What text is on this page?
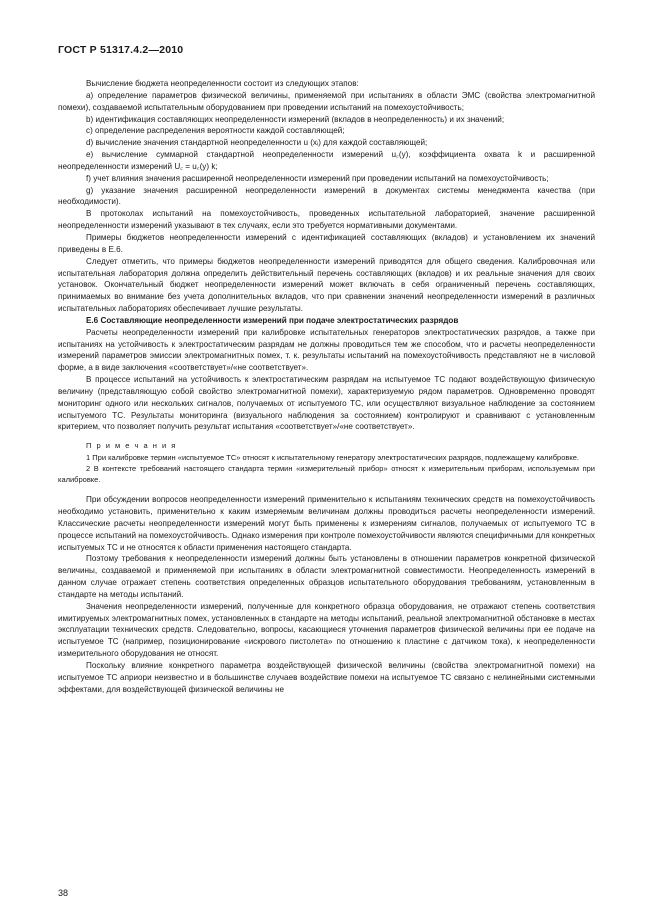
ГОСТ Р 51317.4.2—2010

Вычисление бюджета неопределенности состоит из следующих этапов:

а) определение параметров физической величины, применяемой при испытаниях в области ЭМС (свойства электромагнитной помехи), создаваемой испытательным оборудованием при проведении испытаний на помехоустойчивость;

b) идентификация составляющих неопределенности измерений (вкладов в неопределенность) и их значений;

c) определение распределения вероятности каждой составляющей;

d) вычисление значения стандартной неопределенности u (xᵢ) для каждой составляющей;

e) вычисление суммарной стандартной неопределенности измерений u꜀(y), коэффициента охвата k и расширенной неопределенности измерений U꜀ = u꜀(y) k;

f) учет влияния значения расширенной неопределенности измерений при проведении испытаний на помехоустойчивость;

g) указание значения расширенной неопределенности измерений в документах системы менеджмента качества (при необходимости).

В протоколах испытаний на помехоустойчивость, проведенных испытательной лабораторией, значение расширенной неопределенности измерений указывают в тех случаях, если это требуется нормативными документами.

Примеры бюджетов неопределенности измерений с идентификацией составляющих (вкладов) и установлением их значений приведены в Е.6.

Следует отметить, что примеры бюджетов неопределенности измерений приводятся для общего сведения. Калибровочная или испытательная лаборатория должна определить действительный перечень составляющих (вкладов) и их реальные значения для своих установок. Окончательный бюджет неопределенности измерений может включать в себя ограниченный перечень составляющих, принимаемых во внимание без учета дополнительных вкладов, что при сравнении значений неопределенности измерений в различных испытательных лабораториях обеспечивает лучшие результаты.

Е.6 Составляющие неопределенности измерений при подаче электростатических разрядов

Расчеты неопределенности измерений при калибровке испытательных генераторов электростатических разрядов, а также при испытаниях на устойчивость к электростатическим разрядам не должны проводиться тем же способом, что и расчеты неопределенности измерений параметров эмиссии электромагнитных помех, т. к. результаты испытаний на помехоустойчивость представляют не в числовой форме, а в виде заключения «соответствует»/«не соответствует».

В процессе испытаний на устойчивость к электростатическим разрядам на испытуемое ТС подают воздействующую физическую величину (представляющую собой свойство электромагнитной помехи), характеризуемую рядом параметров. Одновременно проводят мониторинг одного или нескольких сигналов, получаемых от испытуемого ТС, или осуществляют визуальное наблюдение за состоянием испытуемого ТС. Результаты мониторинга (визуального наблюдения за состоянием) контролируют и сравнивают с установленным критерием, что позволяет получить результат испытания «соответствует»/«не соответствует».

П р и м е ч а н и я

1 При калибровке термин «испытуемое ТС» относят к испытательному генератору электростатических разрядов, подлежащему калибровке.

2 В контексте требований настоящего стандарта термин «измерительный прибор» относят к измерительным приборам, используемым при калибровке.

При обсуждении вопросов неопределенности измерений применительно к испытаниям технических средств на помехоустойчивость необходимо установить, применительно к каким измеряемым величинам должны проводиться расчеты неопределенности измерений. Классические расчеты неопределенности измерений могут быть применены к измерениям сигналов, получаемых от испытуемого ТС в процессе испытаний на помехоустойчивость. Однако измерения при контроле помехоустойчивости являются специфичными для конкретных испытуемых ТС и не относятся к области применения настоящего стандарта.

Поэтому требования к неопределенности измерений должны быть установлены в отношении параметров конкретной физической величины, создаваемой и применяемой при испытаниях в области электромагнитной совместимости. Неопределенность измерений в данном случае отражает степень соответствия определенных образцов испытательного оборудования требованиям, установленным в стандарте на методы испытаний.

Значения неопределенности измерений, полученные для конкретного образца оборудования, не отражают степень соответствия имитируемых электромагнитных помех, установленных в стандарте на методы испытаний, реальной электромагнитной обстановке в местах эксплуатации технических средств. Следовательно, вопросы, касающиеся уточнения параметров физической величины при ее подаче на испытуемое ТС (например, позиционирование «искрового пистолета» по отношению к пластине с датчиком тока), к неопределенности измерительного оборудования не относят.

Поскольку влияние конкретного параметра воздействующей физической величины (свойства электромагнитной помехи) на испытуемое ТС априори неизвестно и в большинстве случаев воздействие помехи на испытуемое ТС связано с нелинейными системными эффектами, для воздействующей физической величины не

38
